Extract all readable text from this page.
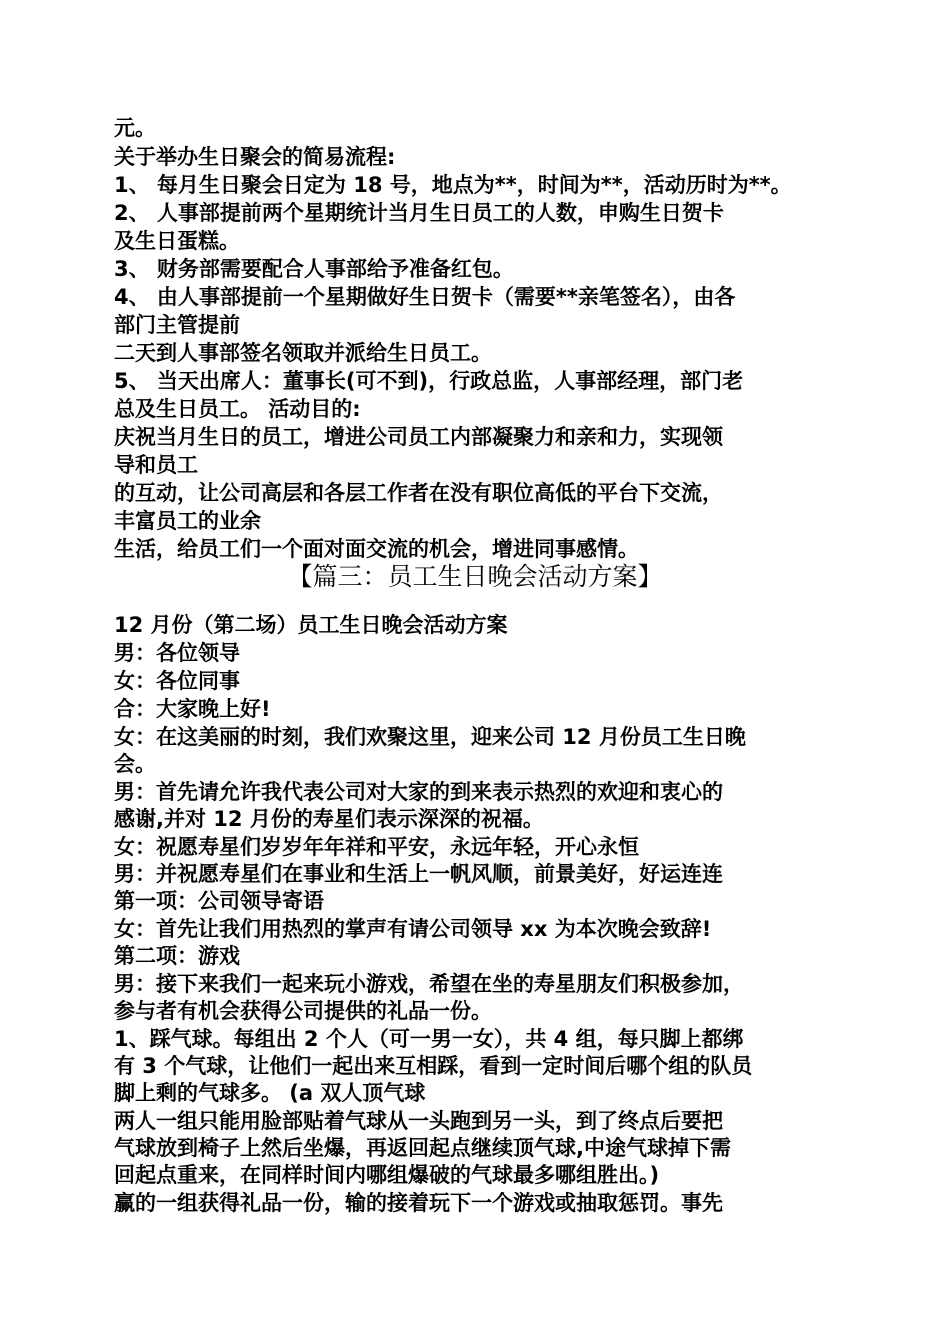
元。
关于举办生日聚会的简易流程:
1、 每月生日聚会日定为 18 号，地点为**，时间为**，活动历时为**。
2、 人事部提前两个星期统计当月生日员工的人数，申购生日贺卡
及生日蛋糕。
3、 财务部需要配合人事部给予准备红包。
4、 由人事部提前一个星期做好生日贺卡（需要**亲笔签名），由各
部门主管提前
二天到人事部签名领取并派给生日员工。
5、 当天出席人：董事长(可不到)，行政总监，人事部经理，部门老
总及生日员工。 活动目的:
庆祝当月生日的员工，增进公司员工内部凝聚力和亲和力，实现领
导和员工
的互动，让公司高层和各层工作者在没有职位高低的平台下交流，
丰富员工的业余
生活，给员工们一个面对面交流的机会，增进同事感情。
【篇三：员工生日晚会活动方案】
12 月份（第二场）员工生日晚会活动方案
男：各位领导
女：各位同事
合：大家晚上好!
女：在这美丽的时刻，我们欢聚这里，迎来公司 12 月份员工生日晚
会。
男：首先请允许我代表公司对大家的到来表示热烈的欢迎和衷心的
感谢,并对 12 月份的寿星们表示深深的祝福。
女：祝愿寿星们岁岁年年祥和平安，永远年轻，开心永恒
男：并祝愿寿星们在事业和生活上一帆风顺，前景美好，好运连连
第一项：公司领导寄语
女：首先让我们用热烈的掌声有请公司领导 xx 为本次晚会致辞!
第二项：游戏
男：接下来我们一起来玩小游戏，希望在坐的寿星朋友们积极参加，
参与者有机会获得公司提供的礼品一份。
1、踩气球。每组出 2 个人（可一男一女），共 4 组，每只脚上都绑
有 3 个气球，让他们一起出来互相踩，看到一定时间后哪个组的队员
脚上剩的气球多。 (a 双人顶气球
两人一组只能用脸部贴着气球从一头跑到另一头，到了终点后要把
气球放到椅子上然后坐爆，再返回起点继续顶气球,中途气球掉下需
回起点重来，在同样时间内哪组爆破的气球最多哪组胜出。)
赢的一组获得礼品一份，输的接着玩下一个游戏或抽取惩罚。事先
